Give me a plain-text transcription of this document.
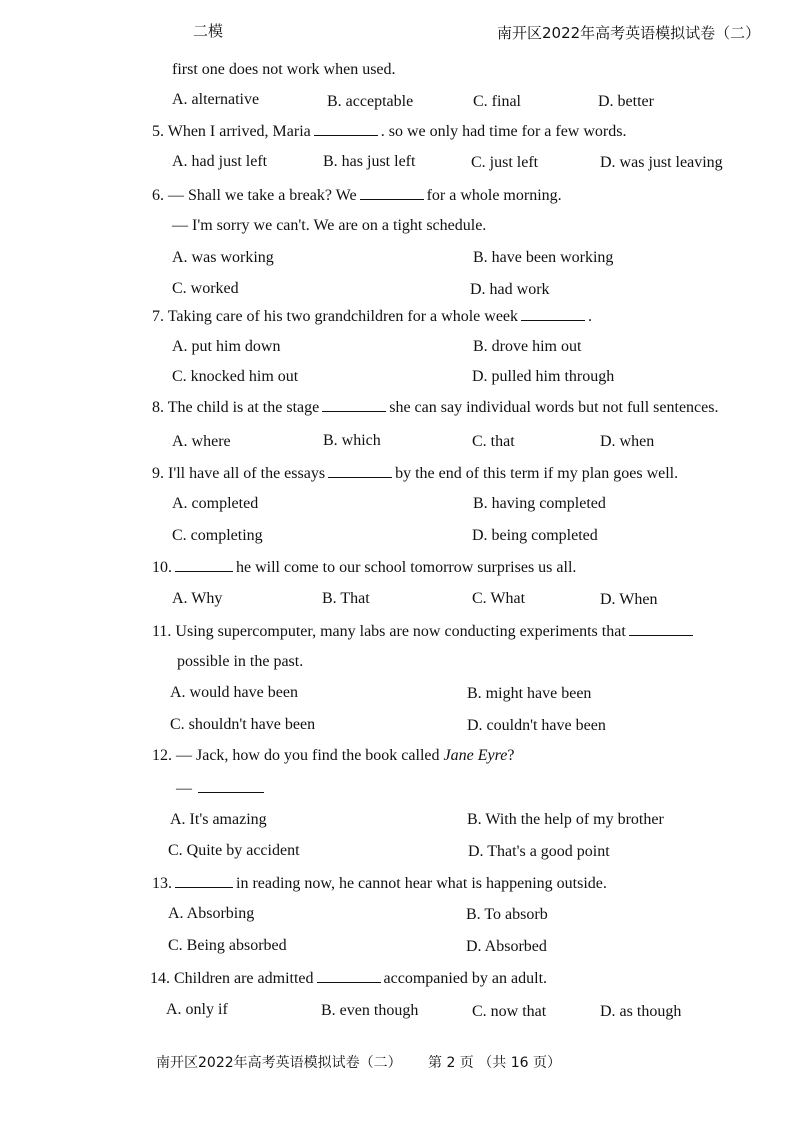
二模	南开区2022年高考英语模拟试卷（二）
first one does not work when used.
A. alternative	B. acceptable	C. final	D. better
5. When I arrived, Maria	. so we only had time for a few words.
A. had just left	B. has just left	C. just left	D. was just leaving
6. — Shall we take a break? We	for a whole morning.
— I'm sorry we can't. We are on a tight schedule.
A. was working	B. have been working
C. worked	D. had work
7. Taking care of his two grandchildren for a whole week	.
A. put him down	B. drove him out
C. knocked him out	D. pulled him through
8. The child is at the stage	she can say individual words but not full sentences.
A. where	B. which	C. that	D. when
9. I'll have all of the essays	by the end of this term if my plan goes well.
A. completed	B. having completed
C. completing	D. being completed
10.	he will come to our school tomorrow surprises us all.
A. Why	B. That	C. What	D. When
11. Using supercomputer, many labs are now conducting experiments that
possible in the past.
A. would have been	B. might have been
C. shouldn't have been	D. couldn't have been
12. — Jack, how do you find the book called Jane Eyre?
—
A. It's amazing	B. With the help of my brother
C. Quite by accident	D. That's a good point
13.	in reading now, he cannot hear what is happening outside.
A. Absorbing	B. To absorb
C. Being absorbed	D. Absorbed
14. Children are admitted	accompanied by an adult.
A. only if	B. even though	C. now that	D. as though
南开区2022年高考英语模拟试卷（二） 第 2 页 （共 16 页）
